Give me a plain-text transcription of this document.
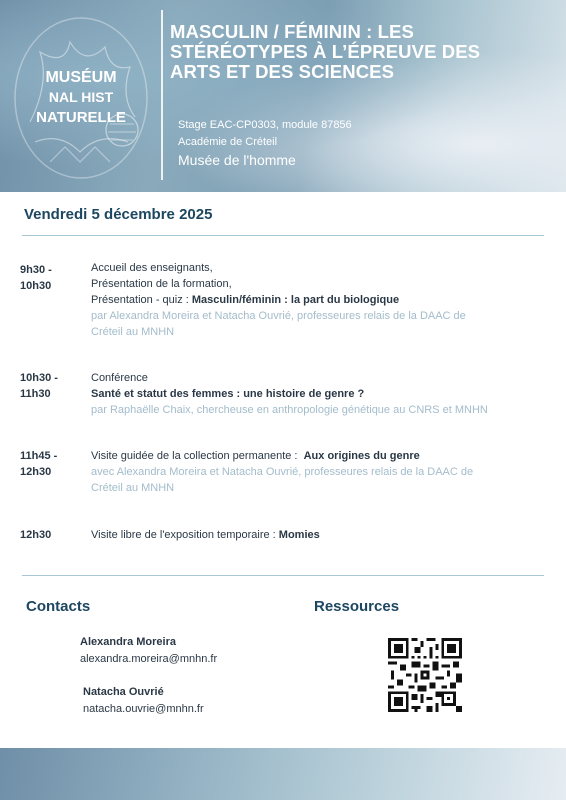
MUSÉUM
NAL HIST
NATURELLE
MASCULIN / FÉMININ : LES
STÉRÉOTYPES À L’ÉPREUVE DES
ARTS ET DES SCIENCES
Stage EAC-CP0303, module 87856
Académie de Créteil
Musée de l'homme
Vendredi 5 décembre 2025
9h30 -
10h30
Accueil des enseignants,
Présentation de la formation,
Présentation - quiz : Masculin/féminin : la part du biologique
par Alexandra Moreira et Natacha Ouvrié, professeures relais de la DAAC de
Créteil au MNHN
10h30 -
11h30
Conférence
Santé et statut des femmes : une histoire de genre ?
par Raphaëlle Chaix, chercheuse en anthropologie génétique au CNRS et MNHN
11h45 -
12h30
Visite guidée de la collection permanente :  Aux origines du genre
avec Alexandra Moreira et Natacha Ouvrié, professeures relais de la DAAC de
Créteil au MNHN
12h30	Visite libre de l'exposition temporaire : Momies
Contacts
Alexandra Moreira
alexandra.moreira@mnhn.fr
Natacha Ouvrié
natacha.ouvrie@mnhn.fr
Ressources
